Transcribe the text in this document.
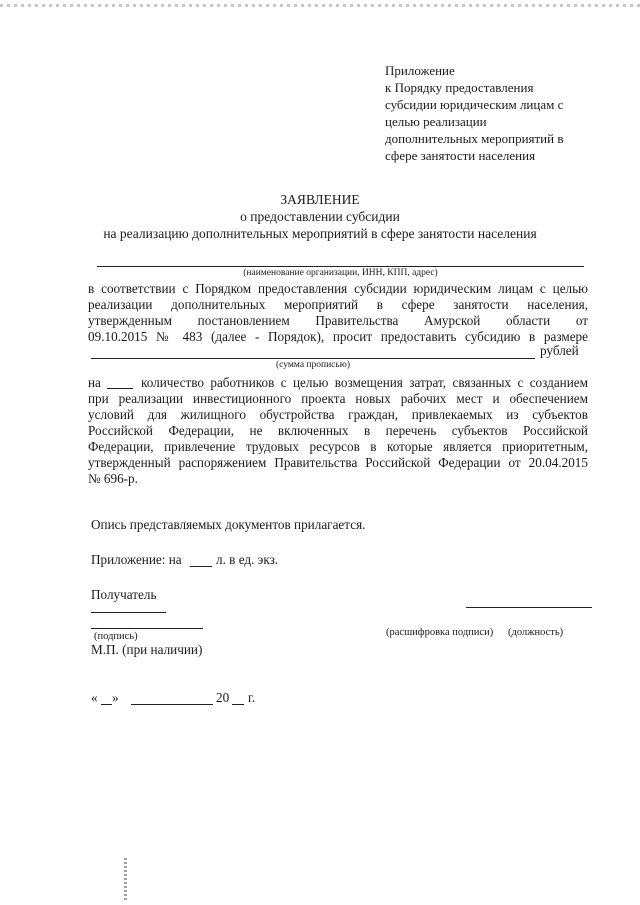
Приложение
к Порядку предоставления
субсидии юридическим лицам с
целью реализации
дополнительных мероприятий в
сфере занятости населения
ЗАЯВЛЕНИЕ
о предоставлении субсидии
на реализацию дополнительных мероприятий в сфере занятости населения
(наименование организации, ИНН, КПП, адрес)
в соответствии с Порядком предоставления субсидии юридическим лицам с целью
реализации дополнительных мероприятий в сфере занятости населения,
утвержденным постановлением Правительства Амурской области от
09.10.2015 № 483 (далее - Порядок), просит предоставить субсидию в размере
рублей
(сумма прописью)
на	количество работников с целью возмещения затрат, связанных с созданием
при реализации инвестиционного проекта новых рабочих мест и обеспечением
условий для жилищного обустройства граждан, привлекаемых из субъектов
Российской Федерации, не включенных в перечень субъектов Российской
Федерации, привлечение трудовых ресурсов в которые является приоритетным,
утвержденный распоряжением Правительства Российской Федерации от 20.04.2015
№ 696-р.
Опись представляемых документов прилагается.
Приложение: на	л. в ед. экз.
Получатель
(подпись)
М.П. (при наличии)
(расшифровка подписи) (должность)
« »	20 г.
